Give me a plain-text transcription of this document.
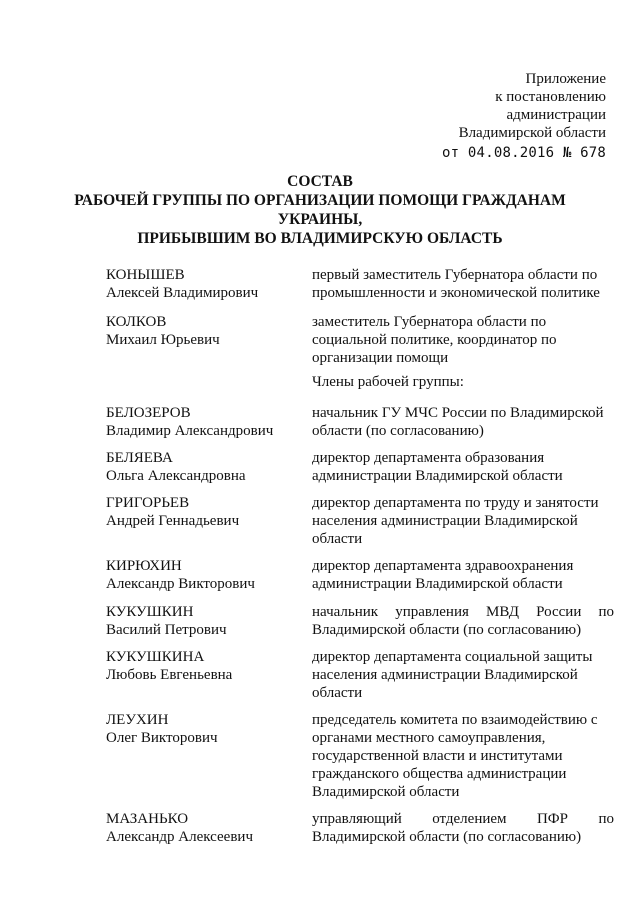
Приложение
к постановлению
администрации
Владимирской области
от 04.08.2016 № 678
СОСТАВ
РАБОЧЕЙ ГРУППЫ ПО ОРГАНИЗАЦИИ ПОМОЩИ ГРАЖДАНАМ
УКРАИНЫ,
ПРИБЫВШИМ ВО ВЛАДИМИРСКУЮ ОБЛАСТЬ
КОНЫШЕВ
Алексей Владимирович
первый заместитель Губернатора области по промышленности и экономической политике
КОЛКОВ
Михаил Юрьевич
заместитель Губернатора области по социальной политике, координатор по организации помощи
Члены рабочей группы:
БЕЛОЗЕРОВ
Владимир Александрович
начальник ГУ МЧС России по Владимирской области (по согласованию)
БЕЛЯЕВА
Ольга Александровна
директор департамента образования администрации Владимирской области
ГРИГОРЬЕВ
Андрей Геннадьевич
директор департамента по труду и занятости населения администрации Владимирской области
КИРЮХИН
Александр Викторович
директор департамента здравоохранения администрации Владимирской области
КУКУШКИН
Василий Петрович
начальник управления МВД России по Владимирской области (по согласованию)
КУКУШКИНА
Любовь Евгеньевна
директор департамента социальной защиты населения администрации Владимирской области
ЛЕУХИН
Олег Викторович
председатель комитета по взаимодействию с органами местного самоуправления, государственной власти и институтами гражданского общества администрации Владимирской области
МАЗАНЬКО
Александр Алексеевич
управляющий отделением ПФР по Владимирской области (по согласованию)
